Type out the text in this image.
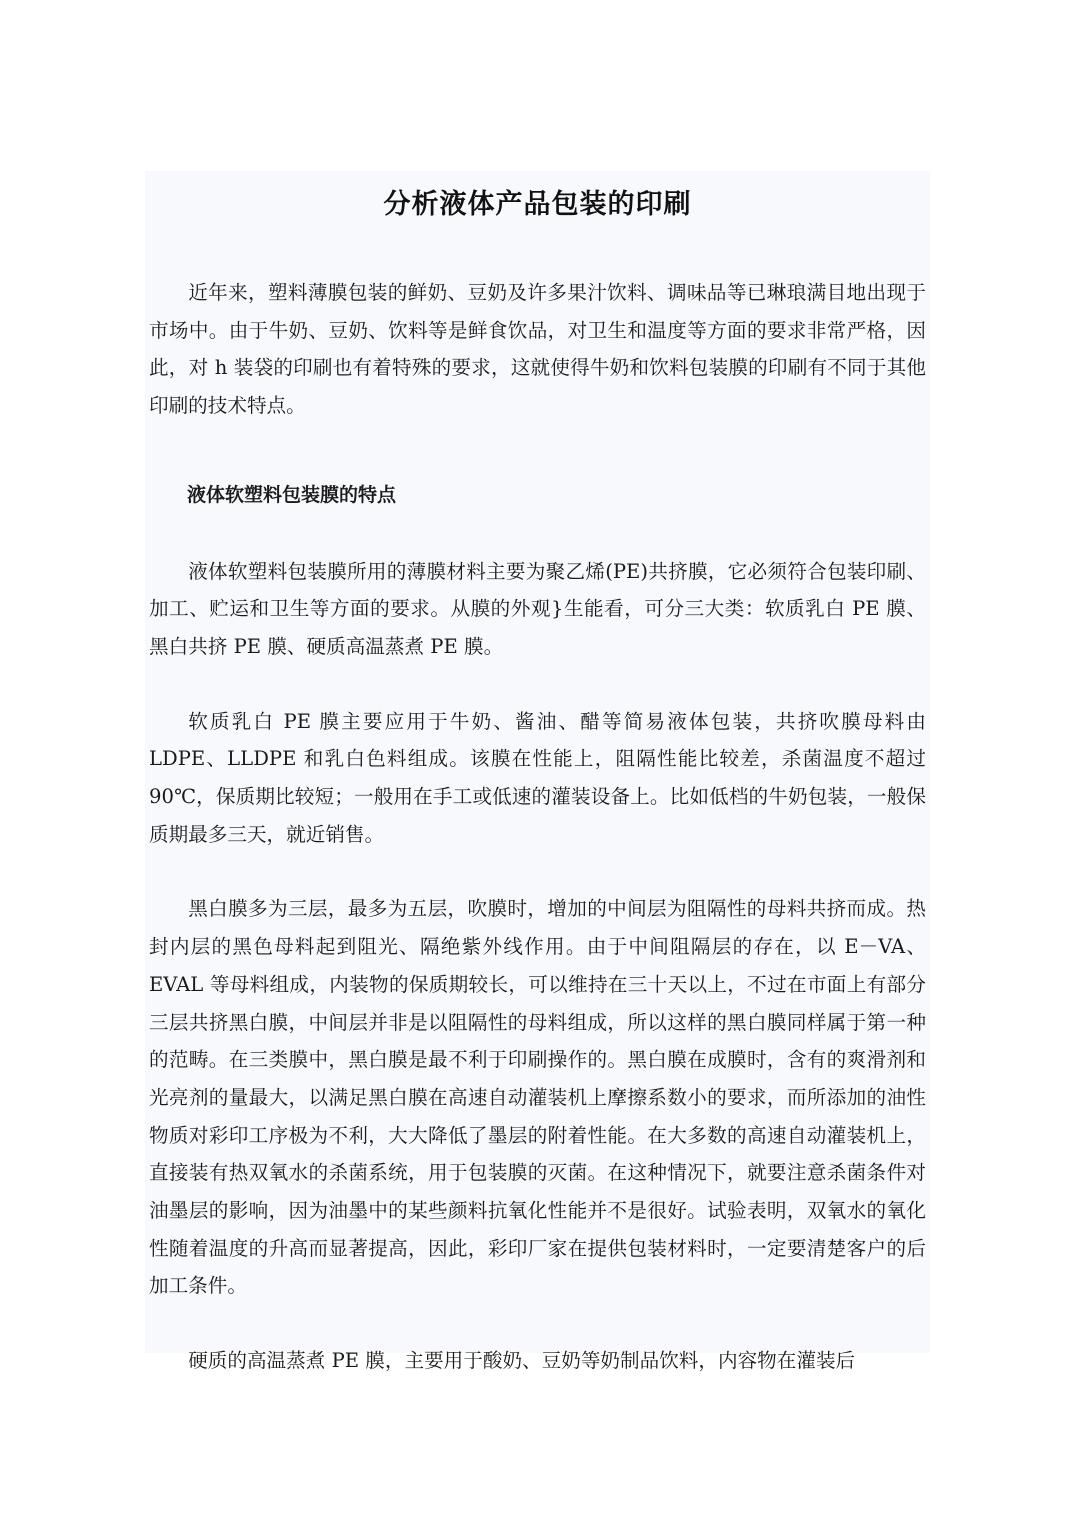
分析液体产品包装的印刷

近年来，塑料薄膜包装的鲜奶、豆奶及许多果汁饮料、调味品等已琳琅满目地出现于市场中。由于牛奶、豆奶、饮料等是鲜食饮品，对卫生和温度等方面的要求非常严格，因此，对 h 装袋的印刷也有着特殊的要求，这就使得牛奶和饮料包装膜的印刷有不同于其他印刷的技术特点。

液体软塑料包装膜的特点

液体软塑料包装膜所用的薄膜材料主要为聚乙烯(PE)共挤膜，它必须符合包装印刷、加工、贮运和卫生等方面的要求。从膜的外观}生能看，可分三大类：软质乳白 PE 膜、黑白共挤 PE 膜、硬质高温蒸煮 PE 膜。

软质乳白 PE 膜主要应用于牛奶、酱油、醋等简易液体包装，共挤吹膜母料由 LDPE、LLDPE 和乳白色料组成。该膜在性能上，阻隔性能比较差，杀菌温度不超过 90℃，保质期比较短；一般用在手工或低速的灌装设备上。比如低档的牛奶包装，一般保质期最多三天，就近销售。

黑白膜多为三层，最多为五层，吹膜时，增加的中间层为阻隔性的母料共挤而成。热封内层的黑色母料起到阻光、隔绝紫外线作用。由于中间阻隔层的存在，以 E－VA、EVAL 等母料组成，内装物的保质期较长，可以维持在三十天以上，不过在市面上有部分三层共挤黑白膜，中间层并非是以阻隔性的母料组成，所以这样的黑白膜同样属于第一种的范畴。在三类膜中，黑白膜是最不利于印刷操作的。黑白膜在成膜时，含有的爽滑剂和光亮剂的量最大，以满足黑白膜在高速自动灌装机上摩擦系数小的要求，而所添加的油性物质对彩印工序极为不利，大大降低了墨层的附着性能。在大多数的高速自动灌装机上，直接装有热双氧水的杀菌系统，用于包装膜的灭菌。在这种情况下，就要注意杀菌条件对油墨层的影响，因为油墨中的某些颜料抗氧化性能并不是很好。试验表明，双氧水的氧化性随着温度的升高而显著提高，因此，彩印厂家在提供包装材料时，一定要清楚客户的后加工条件。

硬质的高温蒸煮 PE 膜，主要用于酸奶、豆奶等奶制品饮料，内容物在灌装后
